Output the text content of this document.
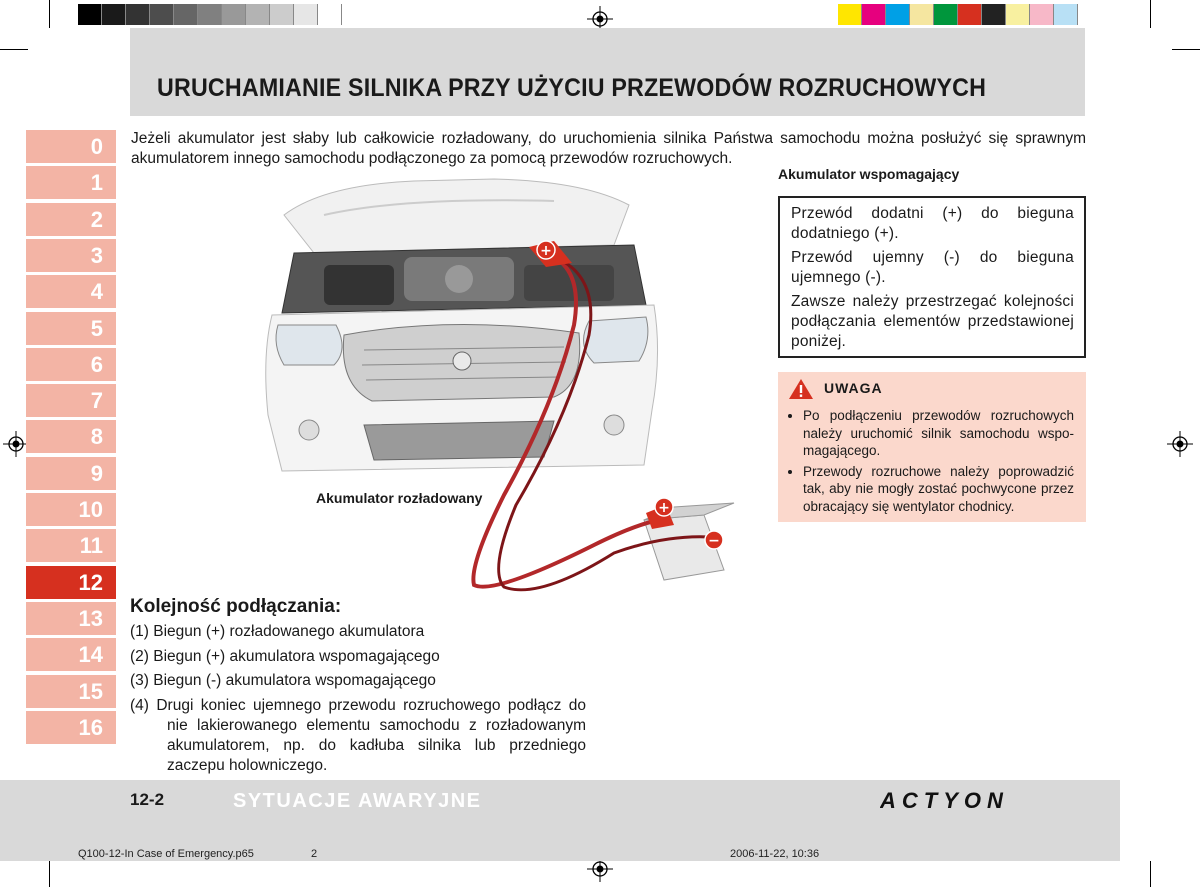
URUCHAMIANIE SILNIKA PRZY UŻYCIU PRZEWODÓW ROZRUCHOWYCH
0
1
2
3
4
5
6
7
8
9
10
11
12
13
14
15
16
Jeżeli akumulator jest słaby lub całkowicie rozładowany, do uruchomienia silnika Państwa samochodu można posłużyć się sprawnym akumulatorem innego samochodu podłączonego za pomocą przewodów rozruchowych.
Akumulator wspomagający

Przewód dodatni (+) do bieguna dodatniego (+).

Przewód ujemny (-) do bieguna ujemnego (-).

Zawsze należy przestrzegać kolejności podłączania elementów przedstawionej poniżej.

UWAGA
• Po podłączeniu przewodów rozruchowych należy uruchomić silnik samochodu wspo-magającego.
• Przewody rozruchowe należy poprowadzić tak, aby nie mogły zostać pochwycone przez obracający się wentylator chodnicy.
+
+
−
Akumulator rozładowany
Kolejność podłączania:
(1) Biegun (+) rozładowanego akumulatora
(2) Biegun (+) akumulatora wspomagającego
(3) Biegun (-) akumulatora wspomagającego
(4) Drugi koniec ujemnego przewodu rozruchowego podłącz do nie lakierowanego elementu samochodu z rozładowanym akumulatorem, np. do kadłuba silnika lub przedniego zaczepu holowniczego.
12-2	SYTUACJE AWARYJNE	ACTYON
Q100-12-In Case of Emergency.p65	2	2006-11-22, 10:36
